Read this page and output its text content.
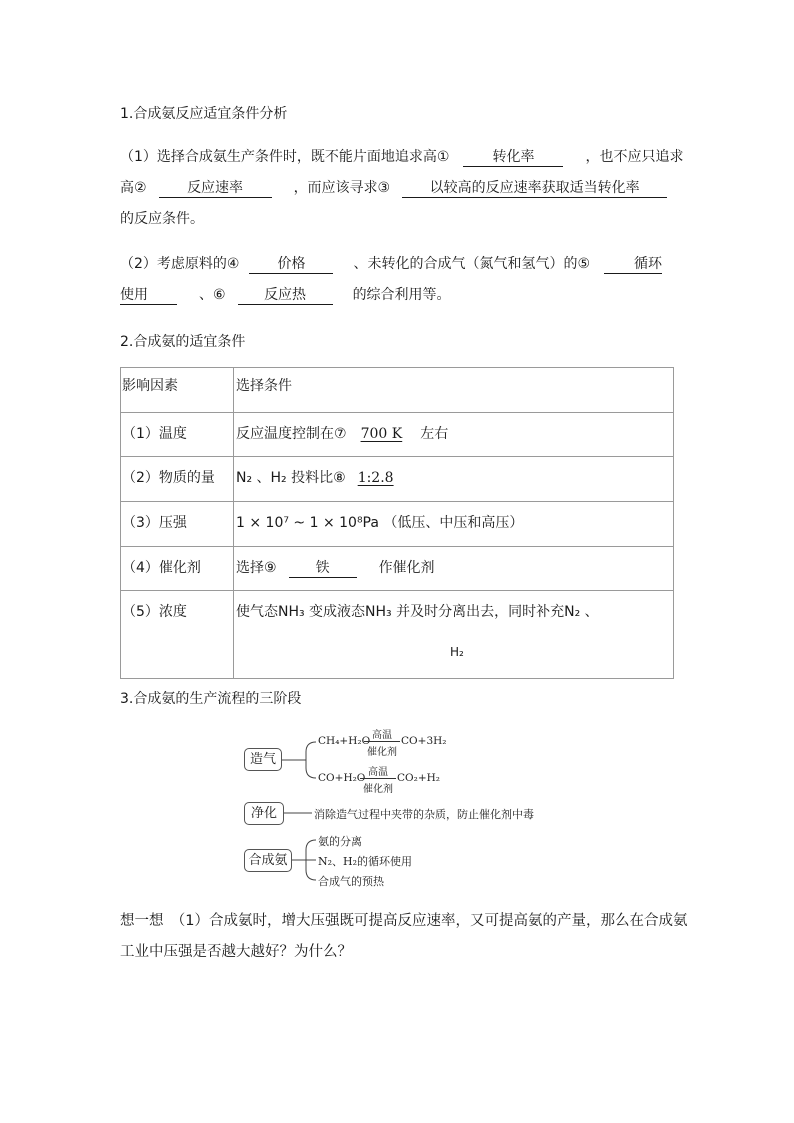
1.合成氨反应适宜条件分析
（1）选择合成氨生产条件时，既不能片面地追求高①	转化率	，也不应只追求
高②	反应速率	，而应该寻求③	以较高的反应速率获取适当转化率
的反应条件。
（2）考虑原料的④	价格	、未转化的合成气（氮气和氢气）的⑤	循环
使用	、⑥	反应热	的综合利用等。
2.合成氨的适宜条件
影响因素	选择条件

（1）温度	反应温度控制在⑦ 700 K 左右

（2）物质的量	N₂ 、H₂ 投料比⑧ 1:2.8

（3）压强	1 × 10⁷ ~ 1 × 10⁸Pa （低压、中压和高压）

（4）催化剂	选择⑨ 铁 作催化剂

（5）浓度	使气态NH₃ 变成液态NH₃ 并及时分离出去，同时补充N₂ 、
H₂
3.合成氨的生产流程的三阶段
造气
净化
合成氨
CH₄+H₂O 高温
催化剂
CO+3H₂
CO+H₂O 高温
催化剂
CO₂+H₂
消除造气过程中夹带的杂质，防止催化剂中毒
氨的分离
N₂、H₂的循环使用
合成气的预热
想一想　（1）合成氨时，增大压强既可提高反应速率，又可提高氨的产量，那么在合成氨
工业中压强是否越大越好？为什么？
